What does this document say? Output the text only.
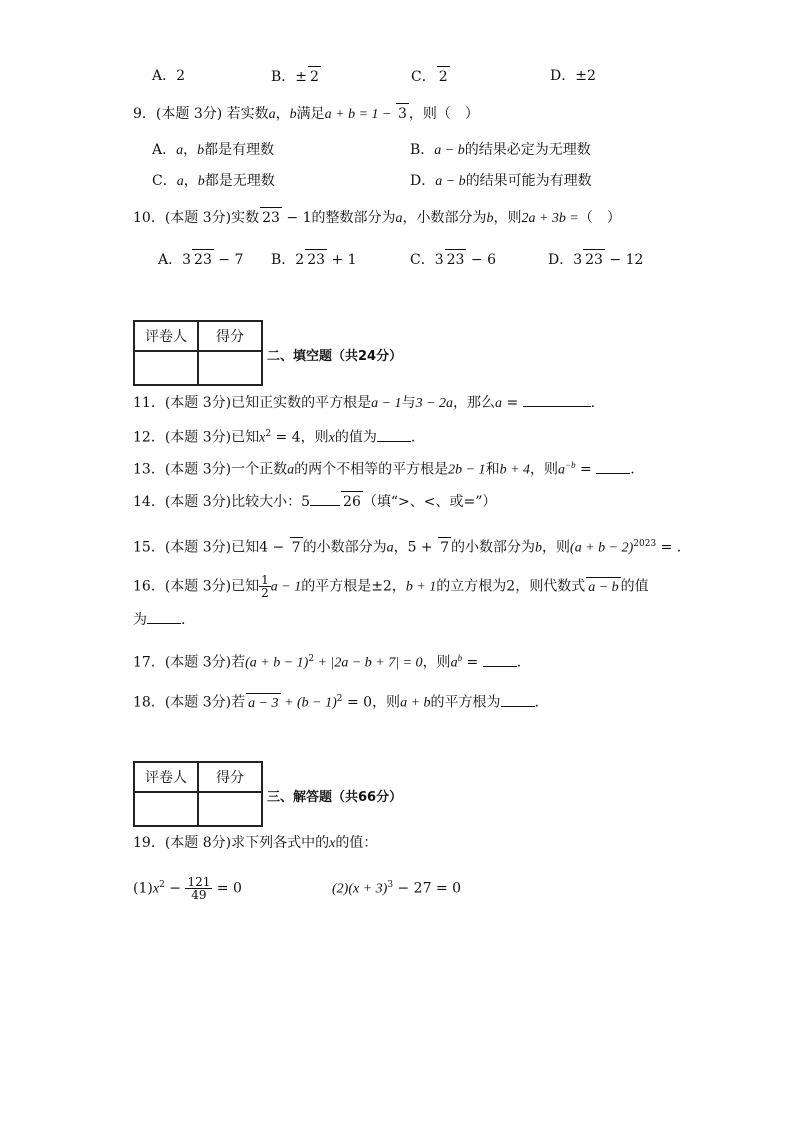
A．2	B．± 2	C． 2	D．±2
9．(本题 3分) 若实数a，b满足a + b = 1 − 3 ，则（　）
A．a，b都是有理数	B．a − b的结果必定为无理数
C．a，b都是无理数	D．a − b的结果可能为有理数
10．(本题 3分)实数 23 − 1的整数部分为a，小数部分为b，则2a + 3b =（　）
A．3 23 − 7 B．2 23 + 1	C．3 23 − 6	D．3 23 − 12
评卷人	得分

二、填空题（共24分）
11．(本题 3分)已知正实数的平方根是a − 1与3 − 2a，那么a =	.
12．(本题 3分)已知$x^2 = 4$，则x的值为 .
13．(本题 3分)一个正数a的两个不相等的平方根是2b − 1和b + 4，则$a^{-b}$ = .
14．(本题 3分)比较大小：5 26 （填“>、<、或=”）
15．(本题 3分)已知4 − 7 的小数部分为a，5 + 7 的小数部分为b，则$(a + b - 2)^{2023}$ = .
16．(本题 3分)已知 $\frac{1}{2}$ a − 1的平方根是±2，b + 1的立方根为2，则代数式 a − b 的值
为 .
17．(本题 3分)若$(a + b - 1)^2 + |2a - b + 7| = 0$，则$a^b$ = .
18．(本题 3分)若 $a - 3 + (b - 1)^2 = 0$，则a + b的平方根为 .
评卷人	得分

三、解答题（共66分）
19．(本题 8分)求下列各式中的x的值：
$(1)x^2 - \frac{121}{49} = 0$	$(2)(x + 3)^3 - 27 = 0$
